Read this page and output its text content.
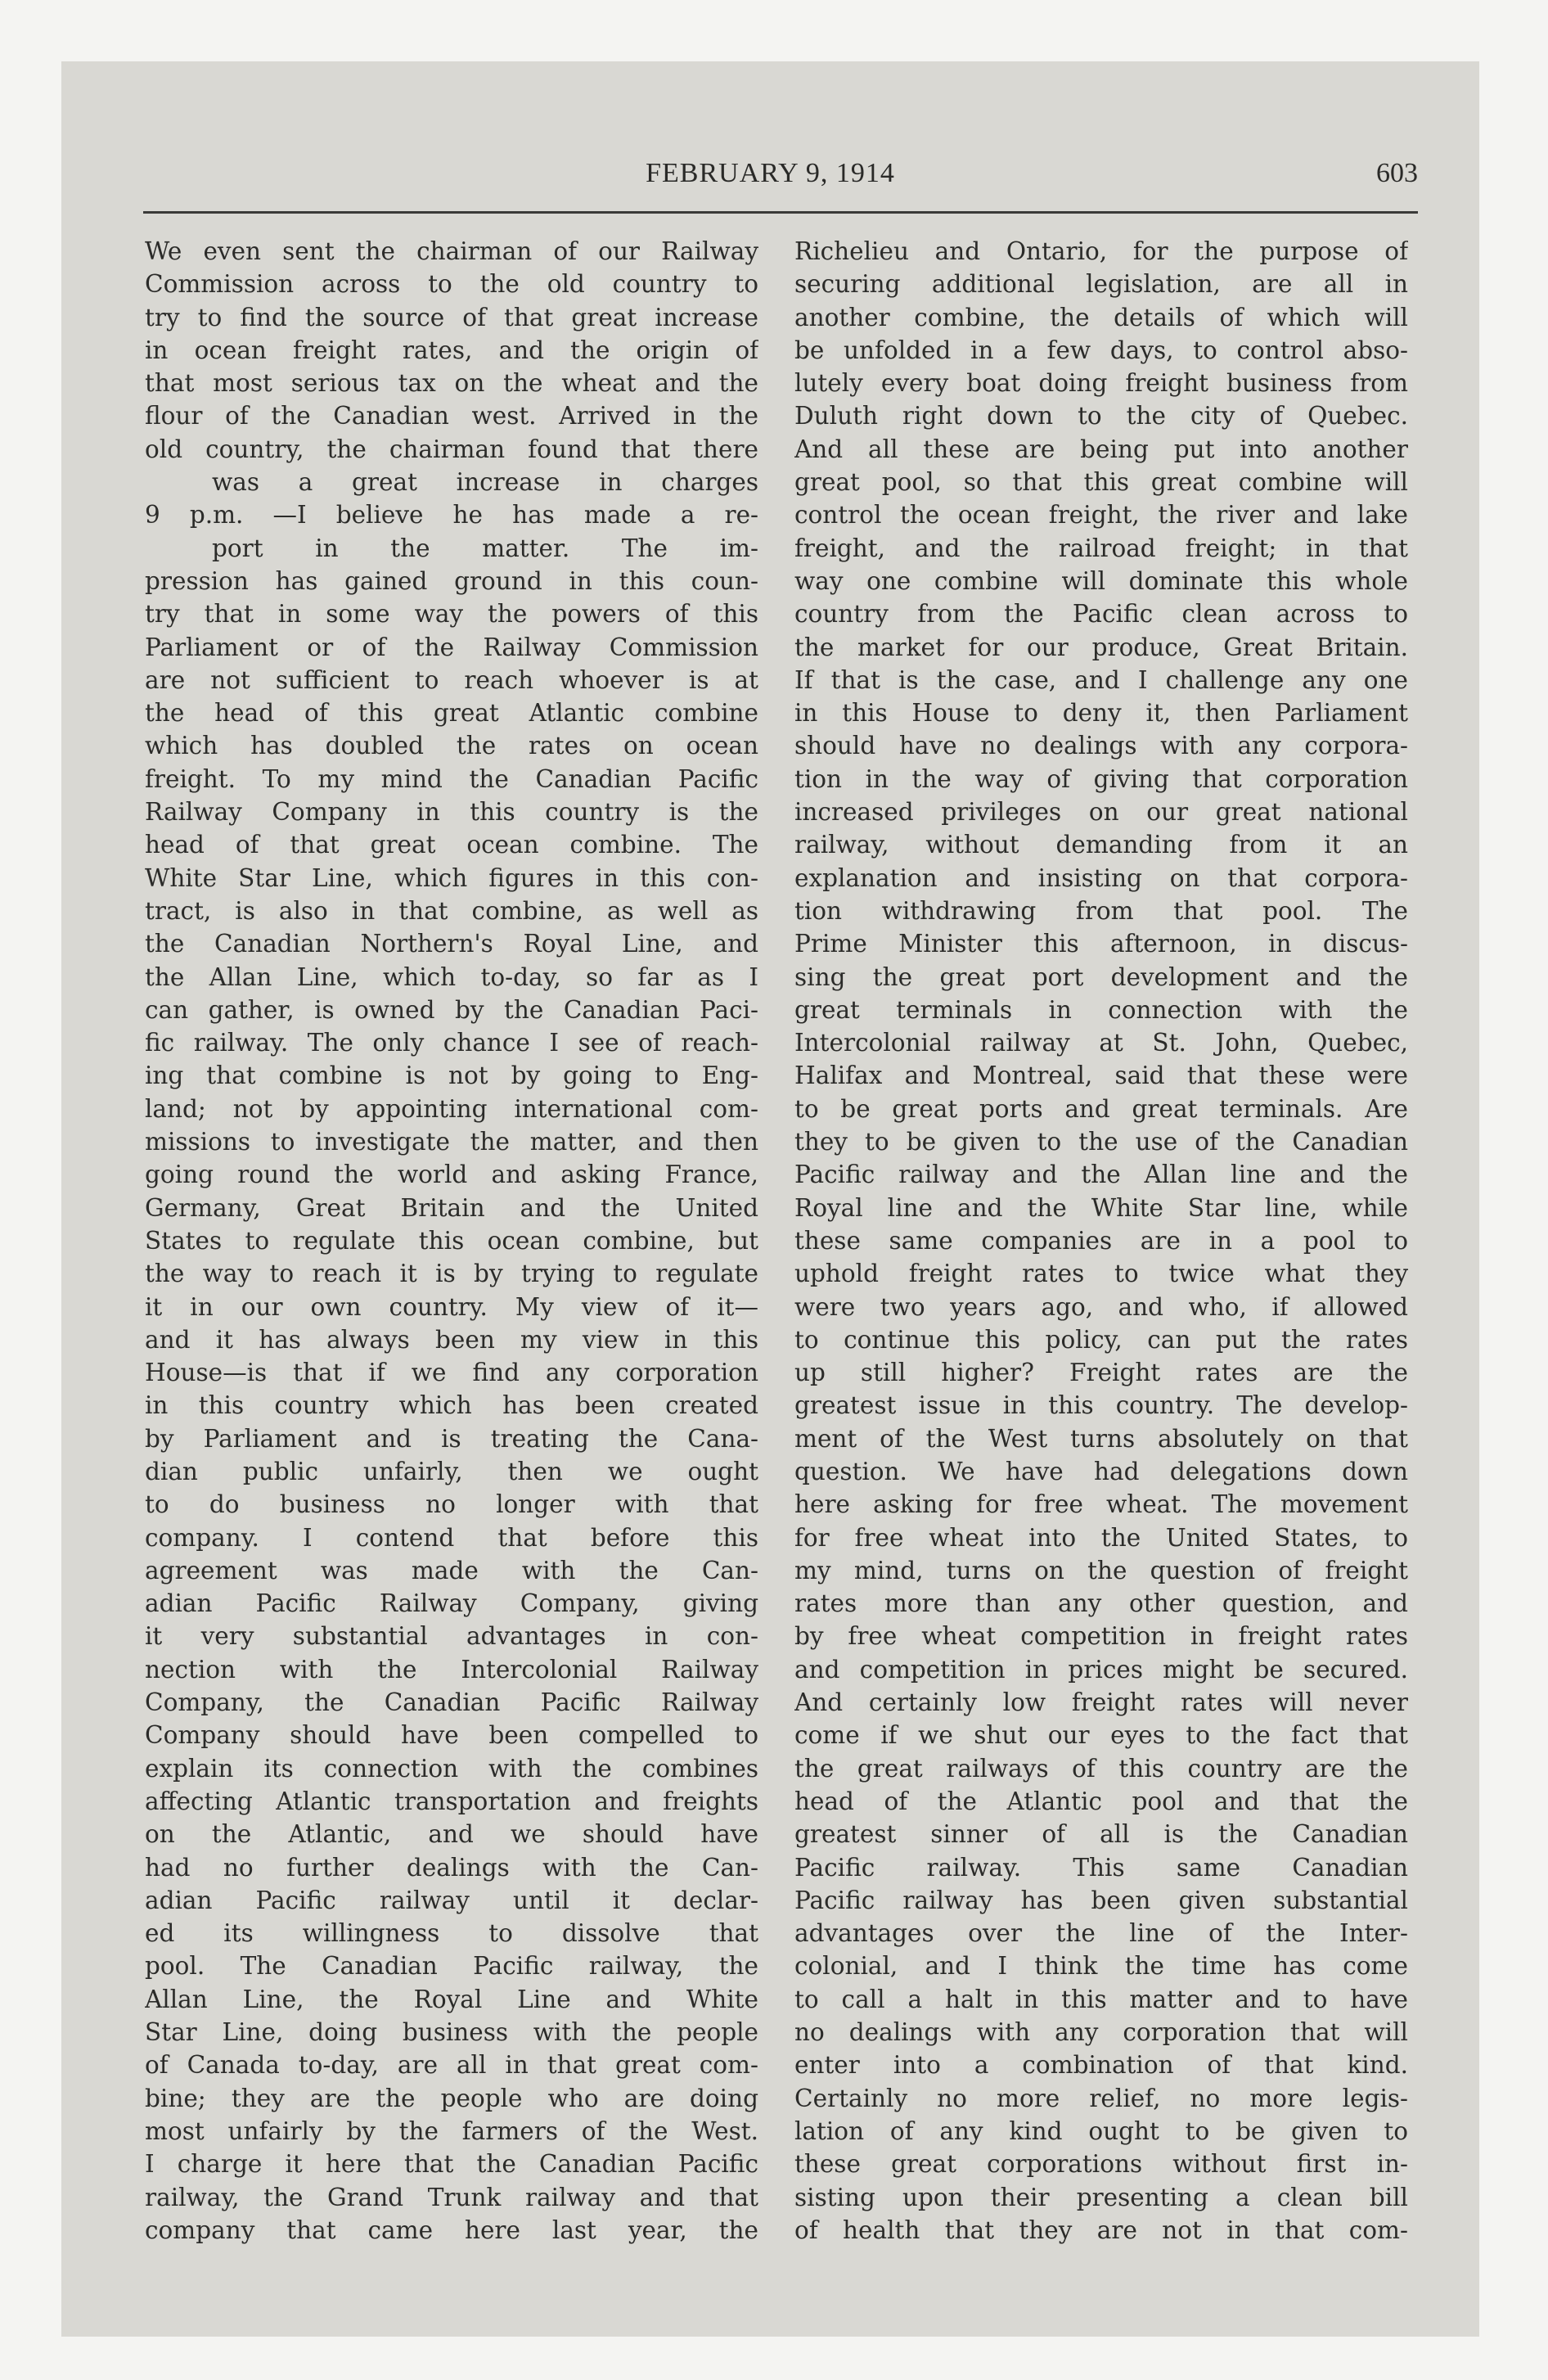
FEBRUARY 9, 1914	603
We even sent the chairman of our Railway
Commission across to the old country to
try to find the source of that great increase
in ocean freight rates, and the origin of
that most serious tax on the wheat and the
flour of the Canadian west. Arrived in the
old country, the chairman found that there
was a great increase in charges
9 p.m. —I believe he has made a re-
port in the matter. The im-
pression has gained ground in this coun-
try that in some way the powers of this
Parliament or of the Railway Commission
are not sufficient to reach whoever is at
the head of this great Atlantic combine
which has doubled the rates on ocean
freight. To my mind the Canadian Pacific
Railway Company in this country is the
head of that great ocean combine. The
White Star Line, which figures in this con-
tract, is also in that combine, as well as
the Canadian Northern's Royal Line, and
the Allan Line, which to-day, so far as I
can gather, is owned by the Canadian Paci-
fic railway. The only chance I see of reach-
ing that combine is not by going to Eng-
land; not by appointing international com-
missions to investigate the matter, and then
going round the world and asking France,
Germany, Great Britain and the United
States to regulate this ocean combine, but
the way to reach it is by trying to regulate
it in our own country. My view of it—
and it has always been my view in this
House—is that if we find any corporation
in this country which has been created
by Parliament and is treating the Cana-
dian public unfairly, then we ought
to do business no longer with that
company. I contend that before this
agreement was made with the Can-
adian Pacific Railway Company, giving
it very substantial advantages in con-
nection with the Intercolonial Railway
Company, the Canadian Pacific Railway
Company should have been compelled to
explain its connection with the combines
affecting Atlantic transportation and freights
on the Atlantic, and we should have
had no further dealings with the Can-
adian Pacific railway until it declar-
ed its willingness to dissolve that
pool. The Canadian Pacific railway, the
Allan Line, the Royal Line and White
Star Line, doing business with the people
of Canada to-day, are all in that great com-
bine; they are the people who are doing
most unfairly by the farmers of the West.
I charge it here that the Canadian Pacific
railway, the Grand Trunk railway and that
company that came here last year, the
Richelieu and Ontario, for the purpose of
securing additional legislation, are all in
another combine, the details of which will
be unfolded in a few days, to control abso-
lutely every boat doing freight business from
Duluth right down to the city of Quebec.
And all these are being put into another
great pool, so that this great combine will
control the ocean freight, the river and lake
freight, and the railroad freight; in that
way one combine will dominate this whole
country from the Pacific clean across to
the market for our produce, Great Britain.
If that is the case, and I challenge any one
in this House to deny it, then Parliament
should have no dealings with any corpora-
tion in the way of giving that corporation
increased privileges on our great national
railway, without demanding from it an
explanation and insisting on that corpora-
tion withdrawing from that pool. The
Prime Minister this afternoon, in discus-
sing the great port development and the
great terminals in connection with the
Intercolonial railway at St. John, Quebec,
Halifax and Montreal, said that these were
to be great ports and great terminals. Are
they to be given to the use of the Canadian
Pacific railway and the Allan line and the
Royal line and the White Star line, while
these same companies are in a pool to
uphold freight rates to twice what they
were two years ago, and who, if allowed
to continue this policy, can put the rates
up still higher? Freight rates are the
greatest issue in this country. The develop-
ment of the West turns absolutely on that
question. We have had delegations down
here asking for free wheat. The movement
for free wheat into the United States, to
my mind, turns on the question of freight
rates more than any other question, and
by free wheat competition in freight rates
and competition in prices might be secured.
And certainly low freight rates will never
come if we shut our eyes to the fact that
the great railways of this country are the
head of the Atlantic pool and that the
greatest sinner of all is the Canadian
Pacific railway. This same Canadian
Pacific railway has been given substantial
advantages over the line of the Inter-
colonial, and I think the time has come
to call a halt in this matter and to have
no dealings with any corporation that will
enter into a combination of that kind.
Certainly no more relief, no more legis-
lation of any kind ought to be given to
these great corporations without first in-
sisting upon their presenting a clean bill
of health that they are not in that com-
